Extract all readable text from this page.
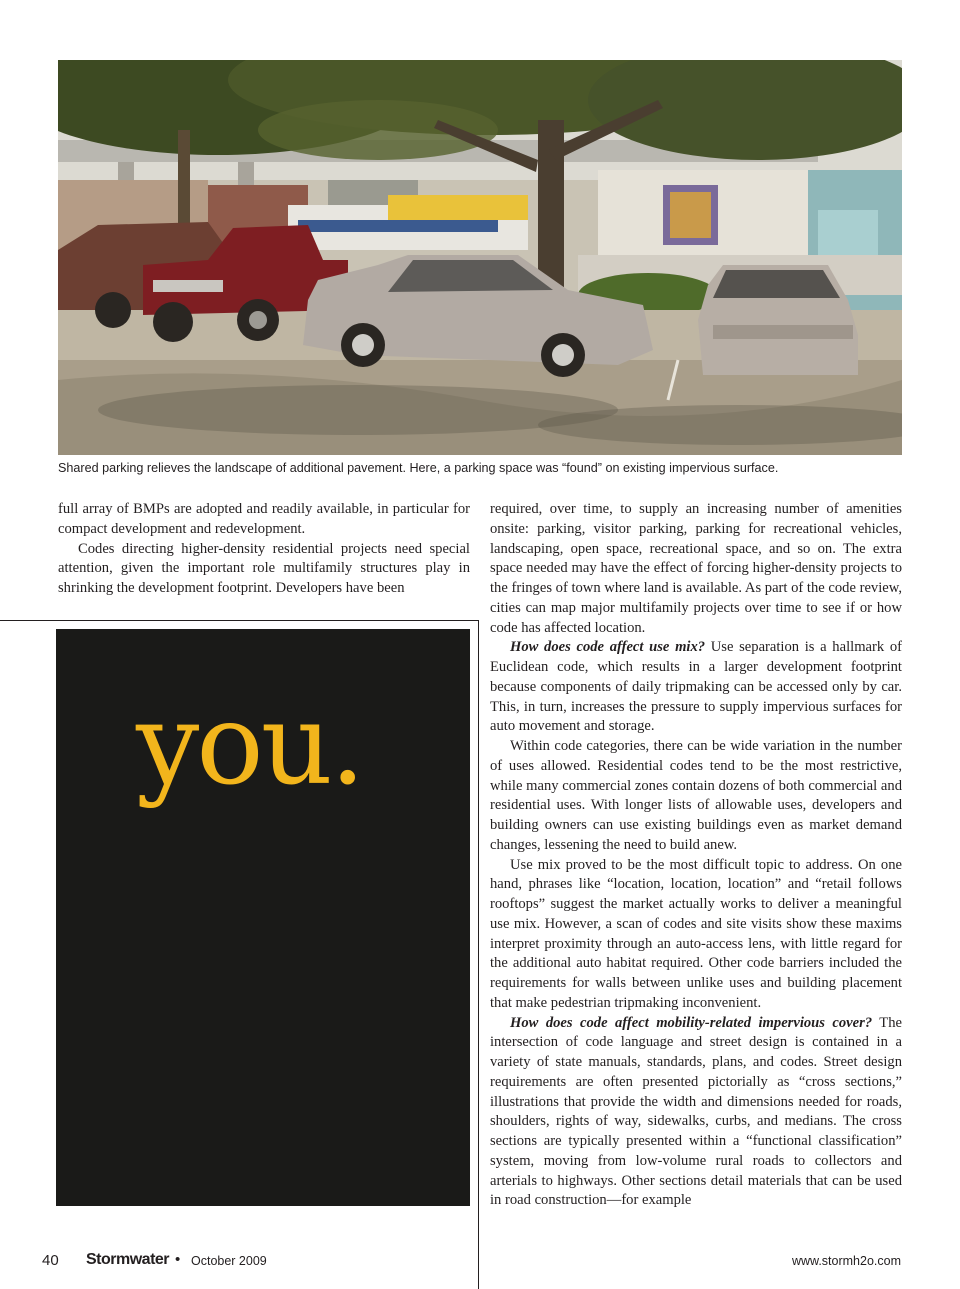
Shared parking relieves the landscape of additional pavement. Here, a parking space was “found” on existing impervious surface.

full array of BMPs are adopted and readily available, in particular for compact development and redevelopment.

Codes directing higher-density residential projects need special attention, given the important role multifamily structures play in shrinking the development footprint. Developers have been

you.

required, over time, to supply an increasing number of amenities onsite: parking, visitor parking, parking for recreational vehicles, landscaping, open space, recreational space, and so on. The extra space needed may have the effect of forcing higher-density projects to the fringes of town where land is available. As part of the code review, cities can map major multifamily projects over time to see if or how code has affected location.

How does code affect use mix? Use separation is a hallmark of Euclidean code, which results in a larger development footprint because components of daily tripmaking can be accessed only by car. This, in turn, increases the pressure to supply impervious surfaces for auto movement and storage.

Within code categories, there can be wide variation in the number of uses allowed. Residential codes tend to be the most restrictive, while many commercial zones contain dozens of both commercial and residential uses. With longer lists of allowable uses, developers and building owners can use existing buildings even as market demand changes, lessening the need to build anew.

Use mix proved to be the most difficult topic to address. On one hand, phrases like “location, location, location” and “retail follows rooftops” suggest the market actually works to deliver a meaningful use mix. However, a scan of codes and site visits show these maxims interpret proximity through an auto-access lens, with little regard for the additional auto habitat required. Other code barriers included the requirements for walls between unlike uses and building placement that make pedestrian tripmaking inconvenient.

How does code affect mobility-related impervious cover? The intersection of code language and street design is contained in a variety of state manuals, standards, plans, and codes. Street design requirements are often presented pictorially as “cross sections,” illustrations that provide the width and dimensions needed for roads, shoulders, rights of way, sidewalks, curbs, and medians. The cross sections are typically presented within a “functional classification” system, moving from low-volume rural roads to collectors and arterials to highways. Other sections detail materials that can be used in road construction—for example

40 Stormwater • October 2009	www.stormh2o.com
